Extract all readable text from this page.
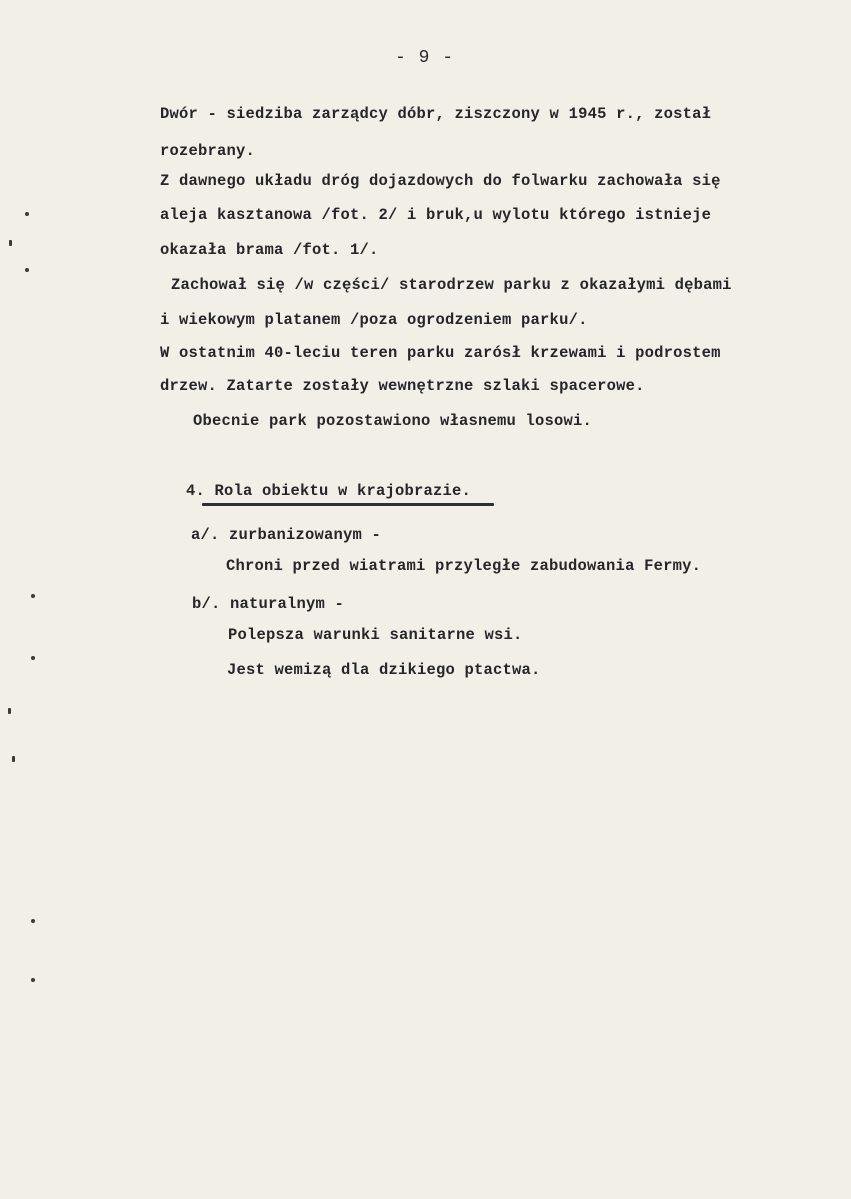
- 9 -
Dwór - siedziba zarządcy dóbr, ziszczony w 1945 r., został
rozebrany.
Z dawnego układu dróg dojazdowych do folwarku zachowała się
aleja kasztanowa /fot. 2/ i bruk,u wylotu którego istnieje
okazała brama /fot. 1/.
Zachował się /w części/ starodrzew parku z okazałymi dębami
i wiekowym platanem /poza ogrodzeniem parku/.
W ostatnim 40-leciu teren parku zarósł krzewami i podrostem
drzew. Zatarte zostały wewnętrzne szlaki spacerowe.
Obecnie park pozostawiono własnemu losowi.
4. Rola obiektu w krajobrazie.
a/. zurbanizowanym -
Chroni przed wiatrami przyległe zabudowania Fermy.
b/. naturalnym -
Polepsza warunki sanitarne wsi.
Jest wemizą dla dzikiego ptactwa.
